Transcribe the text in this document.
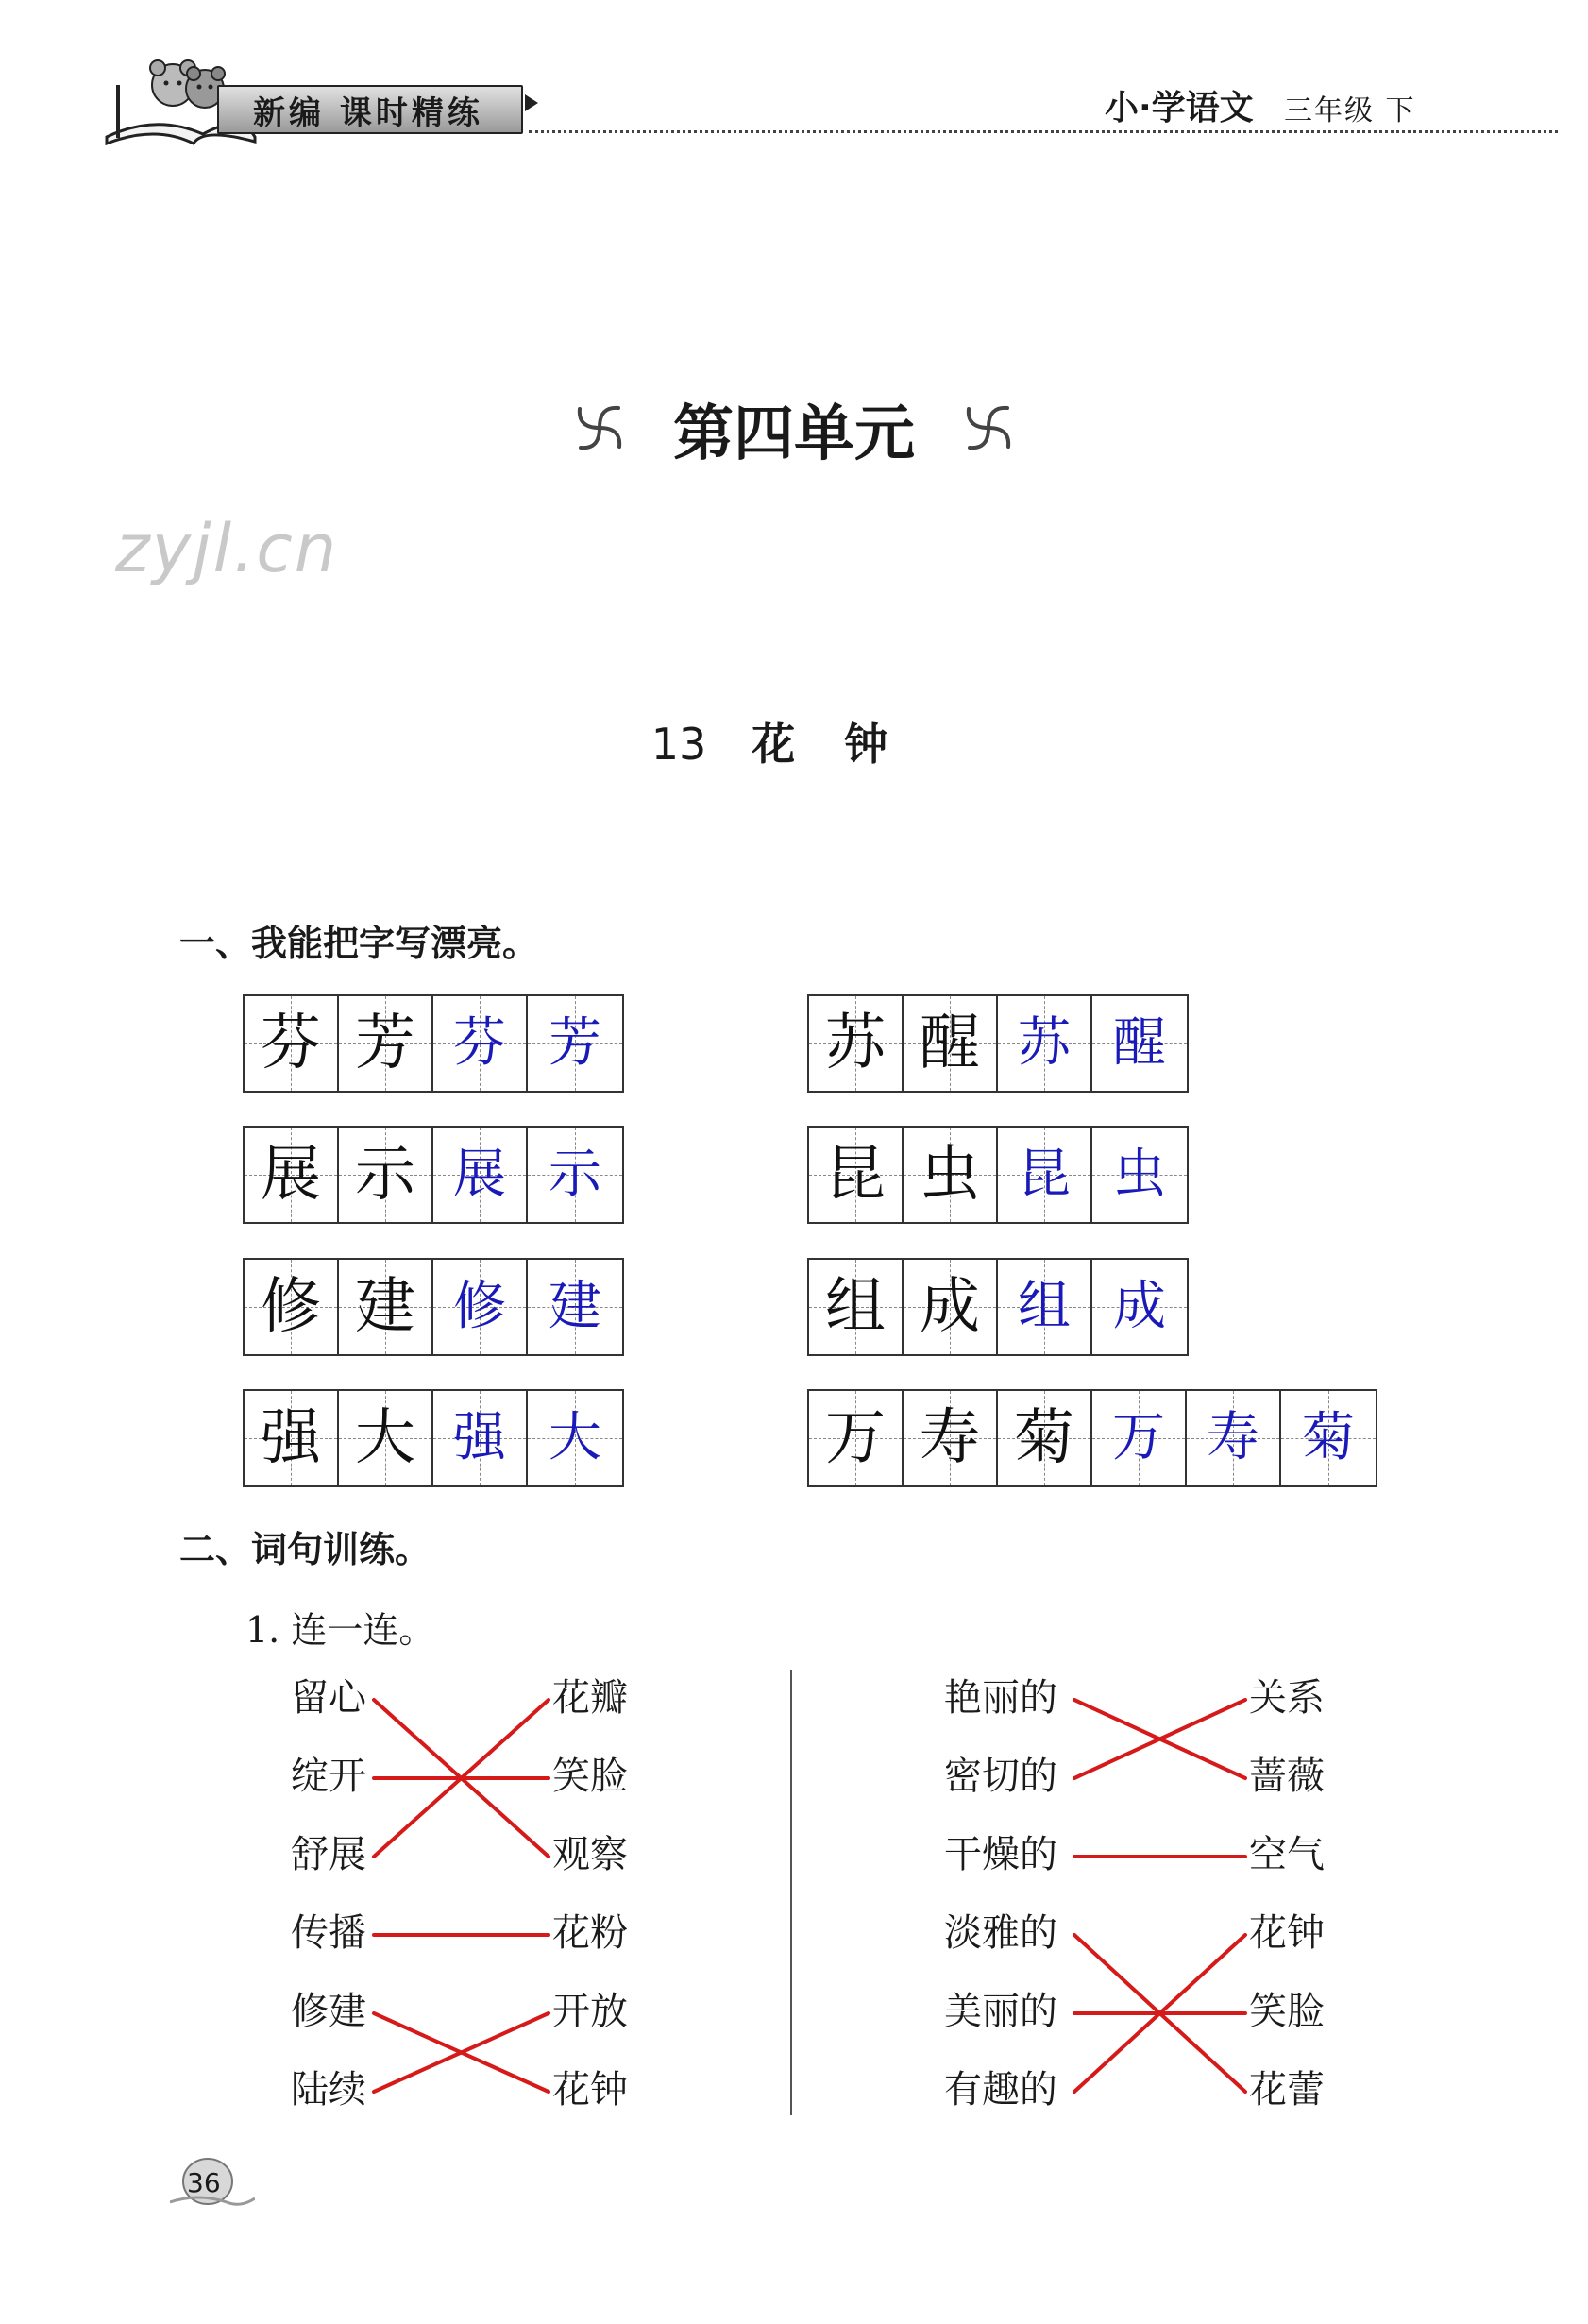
新编 课时精练	小·学语文 三年级 下
第四单元
zyjl.cn
13 花钟
一、我能把字写漂亮。
芬 芳 芬 芳
展 示 展 示
修 建 修 建
强 大 强 大
苏 醒 苏 醒
昆 虫 昆 虫
组 成 组 成
万 寿 菊 万 寿 菊
二、词句训练。
1. 连一连。
留心
绽开
舒展
传播
修建
陆续
花瓣
笑脸
观察
花粉
开放
花钟
艳丽的
密切的
干燥的
淡雅的
美丽的
有趣的
关系
蔷薇
空气
花钟
笑脸
花蕾
36
